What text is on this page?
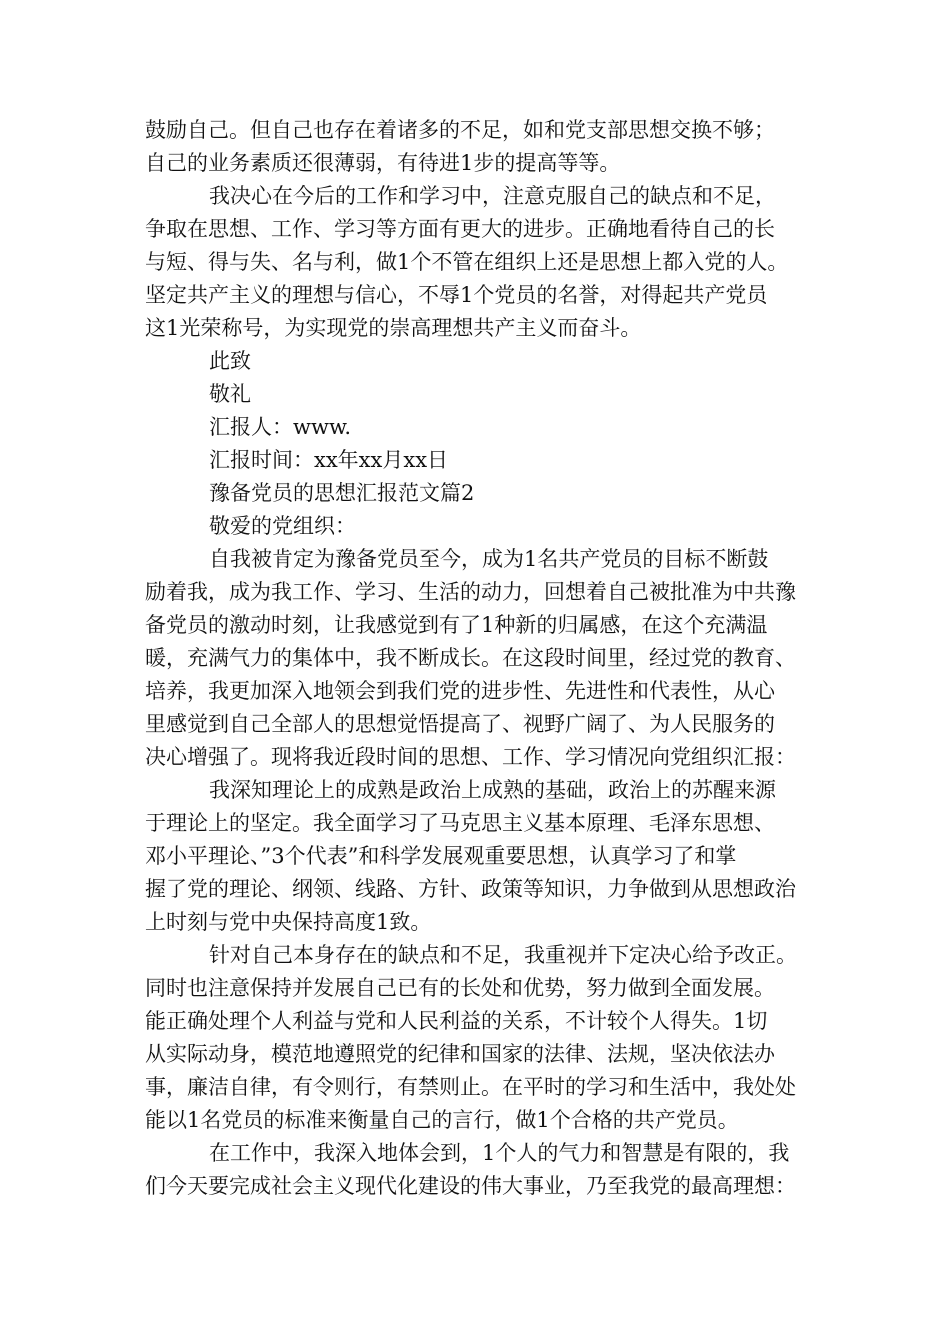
鼓励自己。但自己也存在着诸多的不足，如和党支部思想交换不够；
自己的业务素质还很薄弱，有待进1步的提高等等。
我决心在今后的工作和学习中，注意克服自己的缺点和不足，
争取在思想、工作、学习等方面有更大的进步。正确地看待自己的长
与短、得与失、名与利，做1个不管在组织上还是思想上都入党的人。
坚定共产主义的理想与信心，不辱1个党员的名誉，对得起共产党员
这1光荣称号，为实现党的崇高理想共产主义而奋斗。
此致
敬礼
汇报人：www.
汇报时间：xx年xx月xx日
豫备党员的思想汇报范文篇2
敬爱的党组织：
自我被肯定为豫备党员至今，成为1名共产党员的目标不断鼓
励着我，成为我工作、学习、生活的动力，回想着自己被批准为中共豫
备党员的激动时刻，让我感觉到有了1种新的归属感，在这个充满温
暖，充满气力的集体中，我不断成长。在这段时间里，经过党的教育、
培养，我更加深入地领会到我们党的进步性、先进性和代表性，从心
里感觉到自己全部人的思想觉悟提高了、视野广阔了、为人民服务的
决心增强了。现将我近段时间的思想、工作、学习情况向党组织汇报：
我深知理论上的成熟是政治上成熟的基础，政治上的苏醒来源
于理论上的坚定。我全面学习了马克思主义基本原理、毛泽东思想、
邓小平理论、”3个代表”和科学发展观重要思想，认真学习了和掌
握了党的理论、纲领、线路、方针、政策等知识，力争做到从思想政治
上时刻与党中央保持高度1致。
针对自己本身存在的缺点和不足，我重视并下定决心给予改正。
同时也注意保持并发展自己已有的长处和优势，努力做到全面发展。
能正确处理个人利益与党和人民利益的关系，不计较个人得失。1切
从实际动身，模范地遵照党的纪律和国家的法律、法规，坚决依法办
事，廉洁自律，有令则行，有禁则止。在平时的学习和生活中，我处处
能以1名党员的标准来衡量自己的言行，做1个合格的共产党员。
在工作中，我深入地体会到，1个人的气力和智慧是有限的，我
们今天要完成社会主义现代化建设的伟大事业，乃至我党的最高理想：
